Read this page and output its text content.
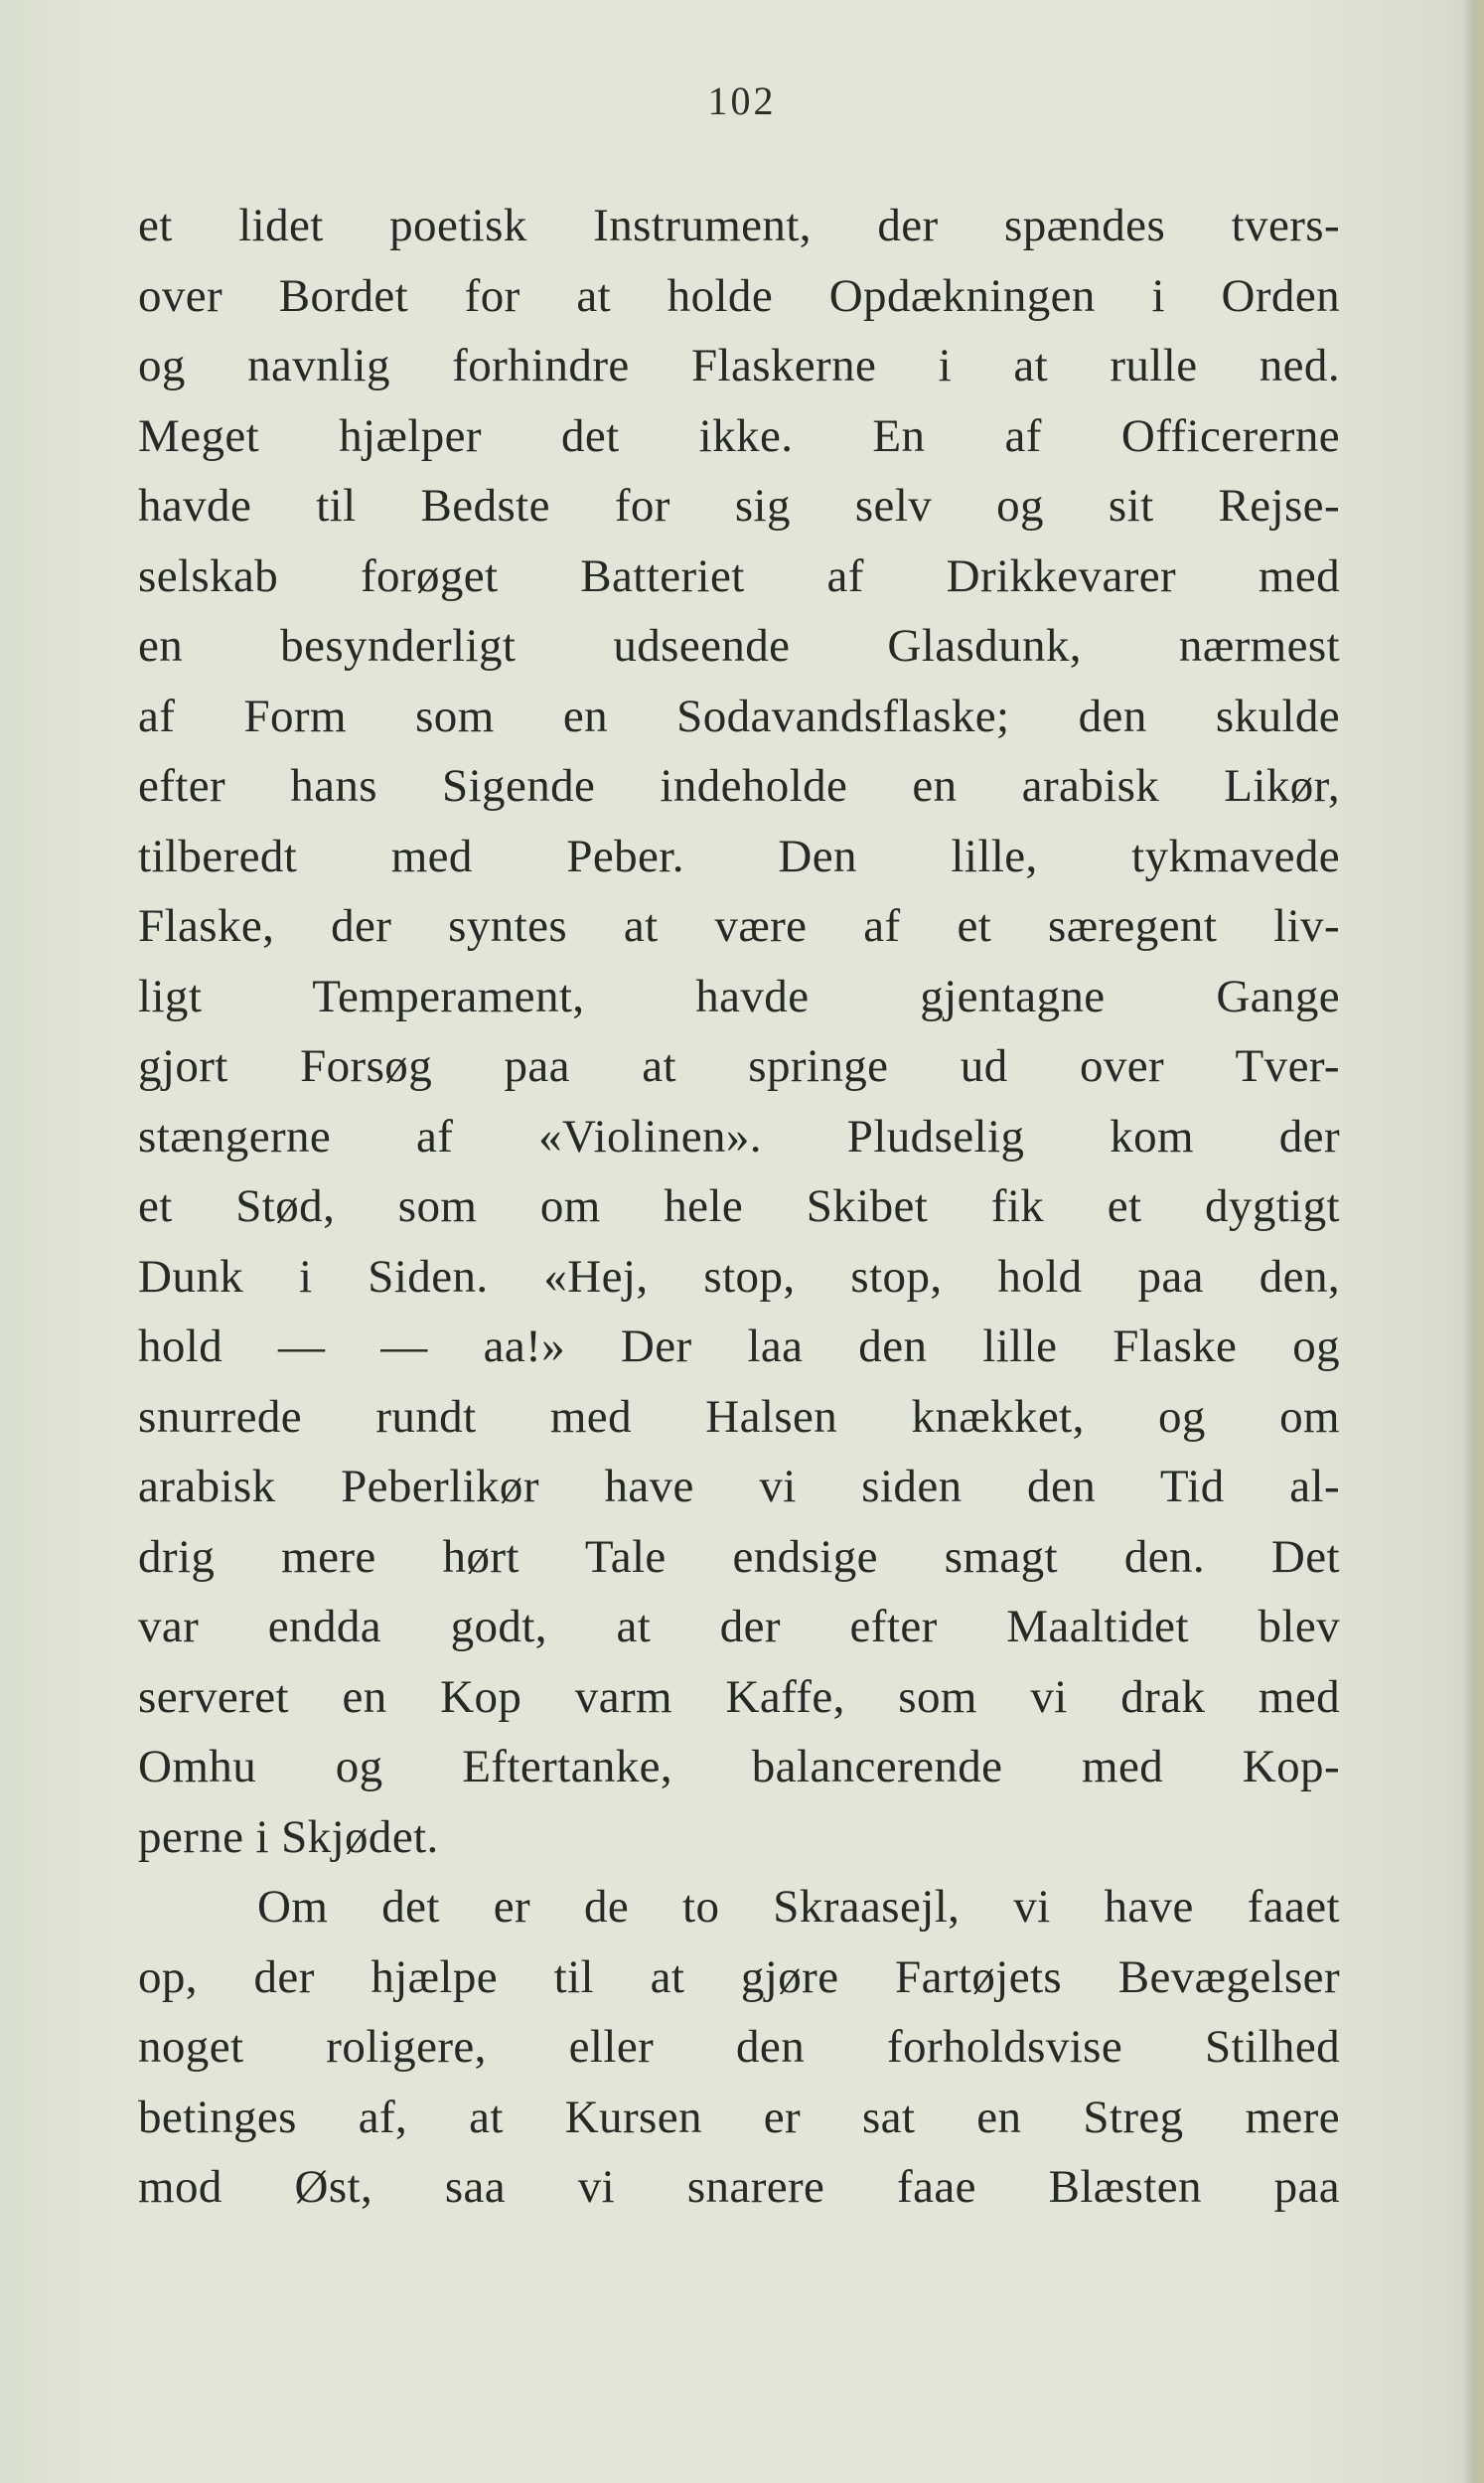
102
et lidet poetisk Instrument, der spændes tvers-
over Bordet for at holde Opdækningen i Orden
og navnlig forhindre Flaskerne i at rulle ned.
Meget hjælper det ikke. En af Officererne
havde til Bedste for sig selv og sit Rejse-
selskab forøget Batteriet af Drikkevarer med
en besynderligt udseende Glasdunk, nærmest
af Form som en Sodavandsflaske; den skulde
efter hans Sigende indeholde en arabisk Likør,
tilberedt med Peber. Den lille, tykmavede
Flaske, der syntes at være af et særegent liv-
ligt Temperament, havde gjentagne Gange
gjort Forsøg paa at springe ud over Tver-
stængerne af «Violinen». Pludselig kom der
et Stød, som om hele Skibet fik et dygtigt
Dunk i Siden. «Hej, stop, stop, hold paa den,
hold — — aa!» Der laa den lille Flaske og
snurrede rundt med Halsen knækket, og om
arabisk Peberlikør have vi siden den Tid al-
drig mere hørt Tale endsige smagt den. Det
var endda godt, at der efter Maaltidet blev
serveret en Kop varm Kaffe, som vi drak med
Omhu og Eftertanke, balancerende med Kop-
perne i Skjødet.
Om det er de to Skraasejl, vi have faaet
op, der hjælpe til at gjøre Fartøjets Bevægelser
noget roligere, eller den forholdsvise Stilhed
betinges af, at Kursen er sat en Streg mere
mod Øst, saa vi snarere faae Blæsten paa
